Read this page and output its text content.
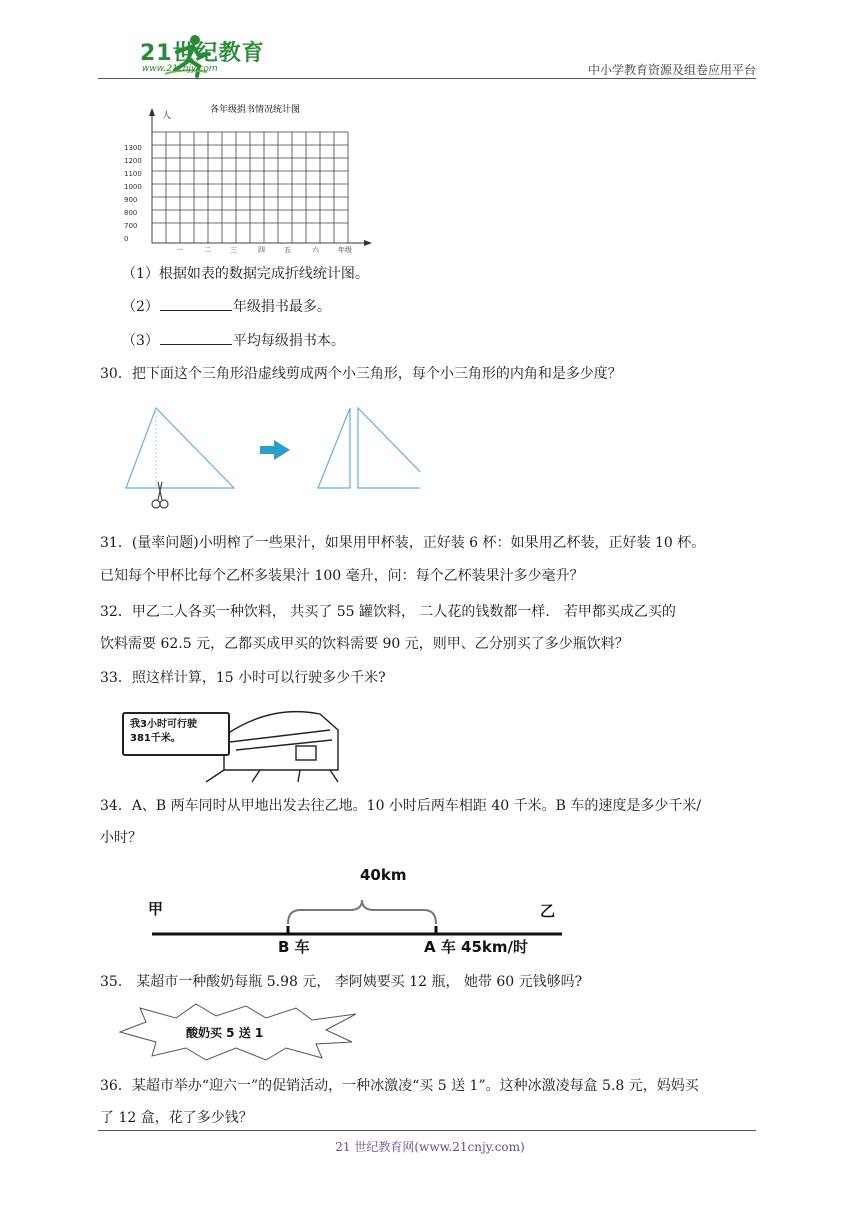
21世纪教育
www.21cnjy.com	中小学教育资源及组卷应用平台
各年级捐书情况统计图
人
1300
1200
1100
1000
900
800
700
0
一	二	三	四	五	六	年级
（1）根据如表的数据完成折线统计图。
（2）	年级捐书最多。
（3）	平均每级捐书本。
30．把下面这个三角形沿虚线剪成两个小三角形，每个小三角形的内角和是多少度？
31．(量率问题)小明榨了一些果汁，如果用甲杯装，正好装 6 杯：如果用乙杯装，正好装 10 杯。
已知每个甲杯比每个乙杯多装果汁 100 毫升，问：每个乙杯装果汁多少毫升？
32．甲乙二人各买一种饮料， 共买了 55 罐饮料， 二人花的钱数都一样． 若甲都买成乙买的
饮料需要 62.5 元，乙都买成甲买的饮料需要 90 元，则甲、乙分别买了多少瓶饮料？
33．照这样计算，15 小时可以行驶多少千米?
我3小时可行驶
381千米。
34．A、B 两车同时从甲地出发去往乙地。10 小时后两车相距 40 千米。B 车的速度是多少千米/
小时？
40km
甲	乙
B 车	A 车 45km/时
35． 某超市一种酸奶每瓶 5.98 元， 李阿姨要买 12 瓶， 她带 60 元钱够吗?
酸奶买 5 送 1
36．某超市举办“迎六一”的促销活动，一种冰激凌“买 5 送 1”。这种冰激凌每盒 5.8 元，妈妈买
了 12 盒，花了多少钱？
21 世纪教育网(www.21cnjy.com)
